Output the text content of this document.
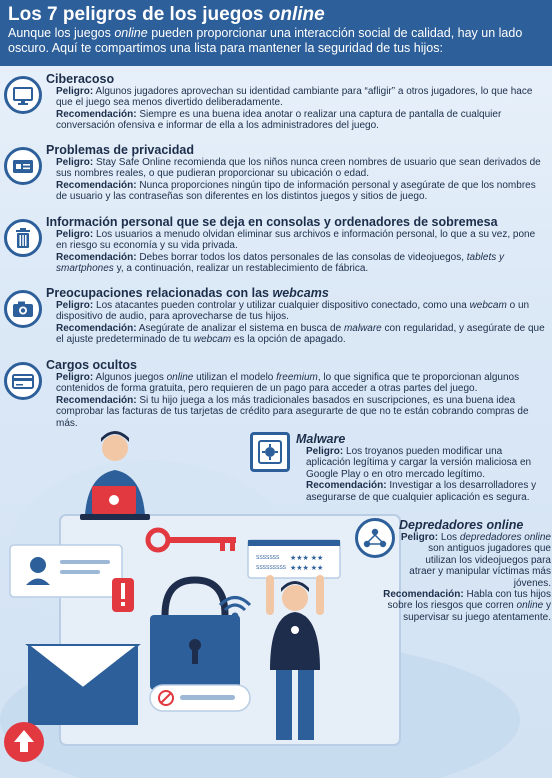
Los 7 peligros de los juegos online
Aunque los juegos online pueden proporcionar una interacción social de calidad, hay un lado oscuro. Aquí te compartimos una lista para mantener la seguridad de tus hijos:
Ciberacoso
Peligro: Algunos jugadores aprovechan su identidad cambiante para “afligir” a otros jugadores, lo que hace que el juego sea menos divertido deliberadamente.
Recomendación: Siempre es una buena idea anotar o realizar una captura de pantalla de cualquier conversación ofensiva e informar de ella a los administradores del juego.
Problemas de privacidad
Peligro: Stay Safe Online recomienda que los niños nunca creen nombres de usuario que sean derivados de sus nombres reales, o que pudieran proporcionar su ubicación o edad.
Recomendación: Nunca proporciones ningún tipo de información personal y asegúrate de que los nombres de usuario y las contraseñas son diferentes en los distintos juegos y sitios de juego.
Información personal que se deja en consolas y ordenadores de sobremesa
Peligro: Los usuarios a menudo olvidan eliminar sus archivos e información personal, lo que a su vez, pone en riesgo su economía y su vida privada.
Recomendación: Debes borrar todos los datos personales de las consolas de videojuegos, tablets y smartphones y, a continuación, realizar un restablecimiento de fábrica.
Preocupaciones relacionadas con las webcams
Peligro: Los atacantes pueden controlar y utilizar cualquier dispositivo conectado, como una webcam o un dispositivo de audio, para aprovecharse de tus hijos.
Recomendación: Asegúrate de analizar el sistema en busca de malware con regularidad, y asegúrate de que el ajuste predeterminado de tu webcam es la opción de apagado.
Cargos ocultos
Peligro: Algunos juegos online utilizan el modelo freemium, lo que significa que te proporcionan algunos contenidos de forma gratuita, pero requieren de un pago para acceder a otras partes del juego.
Recomendación: Si tu hijo juega a los más tradicionales basados en suscripciones, es una buena idea comprobar las facturas de tus tarjetas de crédito para asegurarte de que no te están cobrando compras de más.
SSSSSSS
SSSSSSSSS
★★★ ★★
★★★ ★★
Malware
Peligro: Los troyanos pueden modificar una aplicación legítima y cargar la versión maliciosa en Google Play o en otro mercado legítimo.
Recomendación: Investigar a los desarrolladores y asegurarse de que cualquier aplicación es segura.
Depredadores online
Peligro: Los depredadores online son antiguos jugadores que utilizan los videojuegos para atraer y manipular víctimas más jóvenes.
Recomendación: Habla con tus hijos sobre los riesgos que corren online y supervisar su juego atentamente.
